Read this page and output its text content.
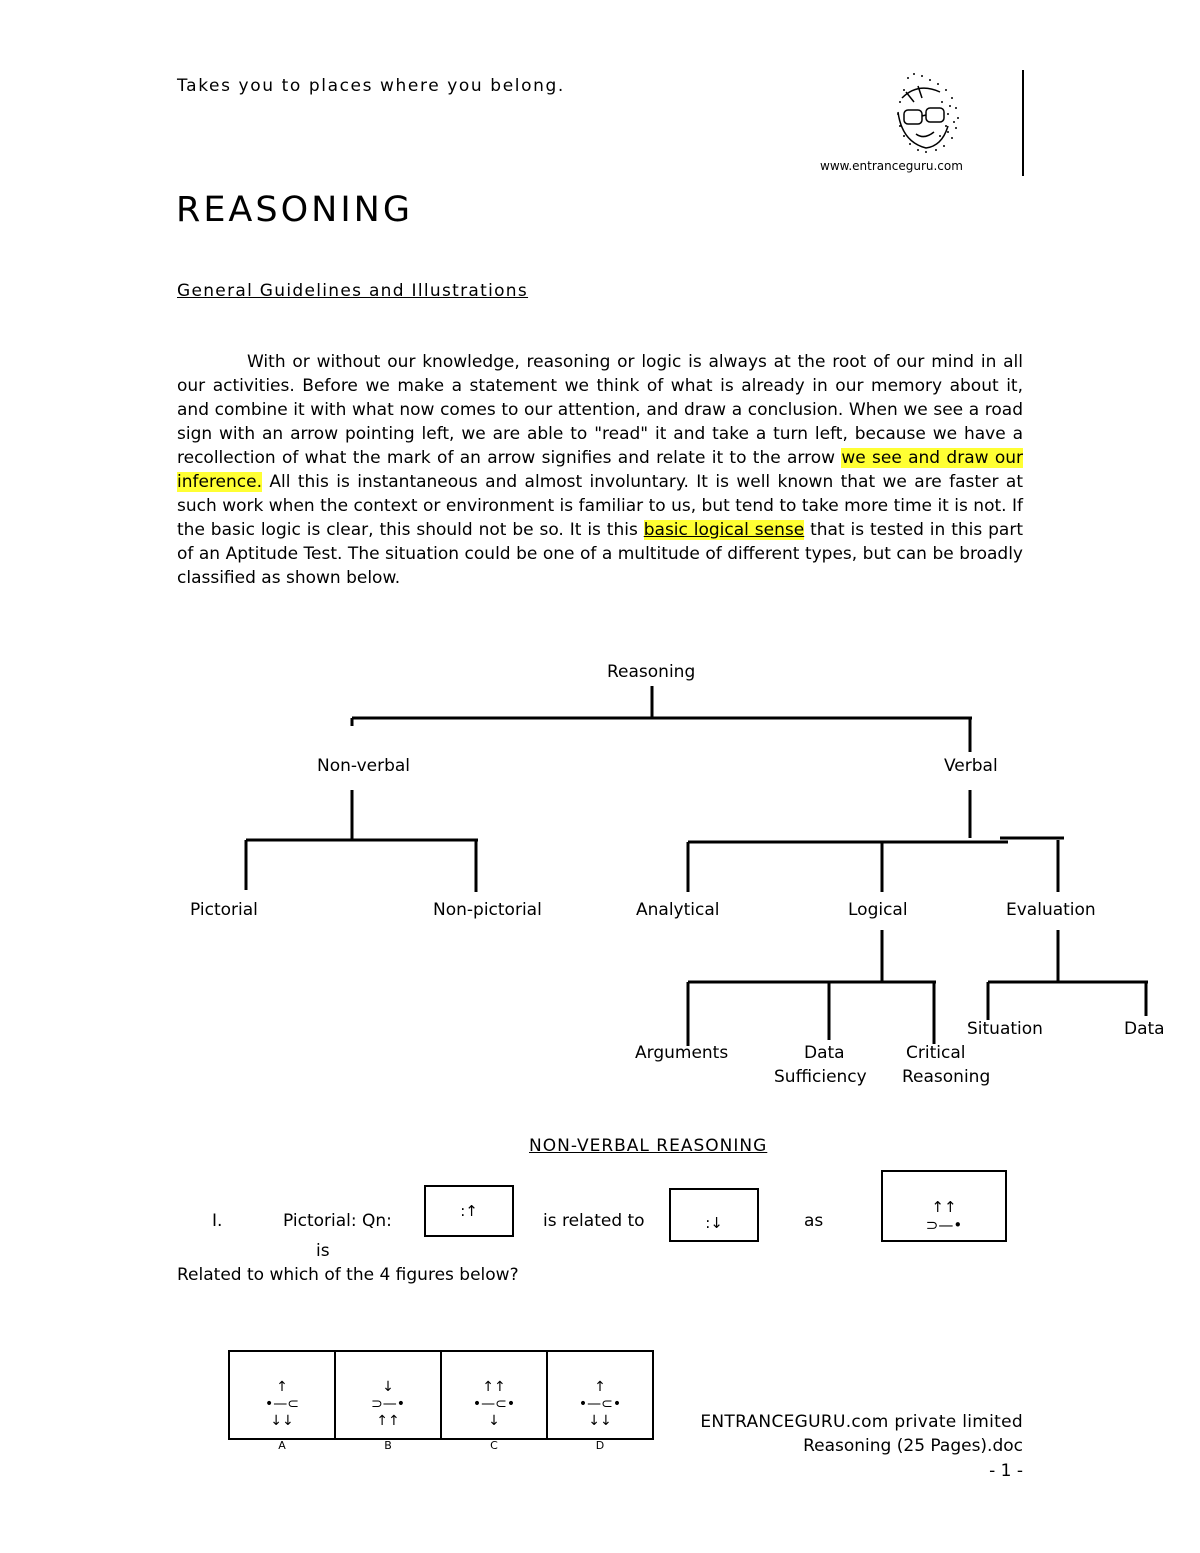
Takes you to places where you belong.
www.entranceguru.com
REASONING
General Guidelines and Illustrations
With or without our knowledge, reasoning or logic is always at the root of our mind in all our activities. Before we make a statement we think of what is already in our memory about it, and combine it with what now comes to our attention, and draw a conclusion. When we see a road sign with an arrow pointing left, we are able to "read" it and take a turn left, because we have a recollection of what the mark of an arrow signifies and relate it to the arrow we see and draw our inference. All this is instantaneous and almost involuntary. It is well known that we are faster at such work when the context or environment is familiar to us, but tend to take more time it is not. If the basic logic is clear, this should not be so. It is this basic logical sense that is tested in this part of an Aptitude Test. The situation could be one of a multitude of different types, but can be broadly classified as shown below.
Reasoning
Non-verbal	Verbal
Pictorial	Non-pictorial	Analytical	Logical	Evaluation
Arguments	Data
Sufficiency
Critical
Reasoning
Situation	Data
NON-VERBAL REASONING
I.	Pictorial: Qn:	:↑	is related to	:↓	as
↑↑
⊃—•
is
Related to which of the 4 figures below?
↑
•—⊂
↓↓
A
↓
⊃—•
↑↑
B
↑↑
•—⊂•
↓
C
↑
•—⊂•
↓↓
D
ENTRANCEGURU.com private limited
Reasoning (25 Pages).doc
- 1 -
